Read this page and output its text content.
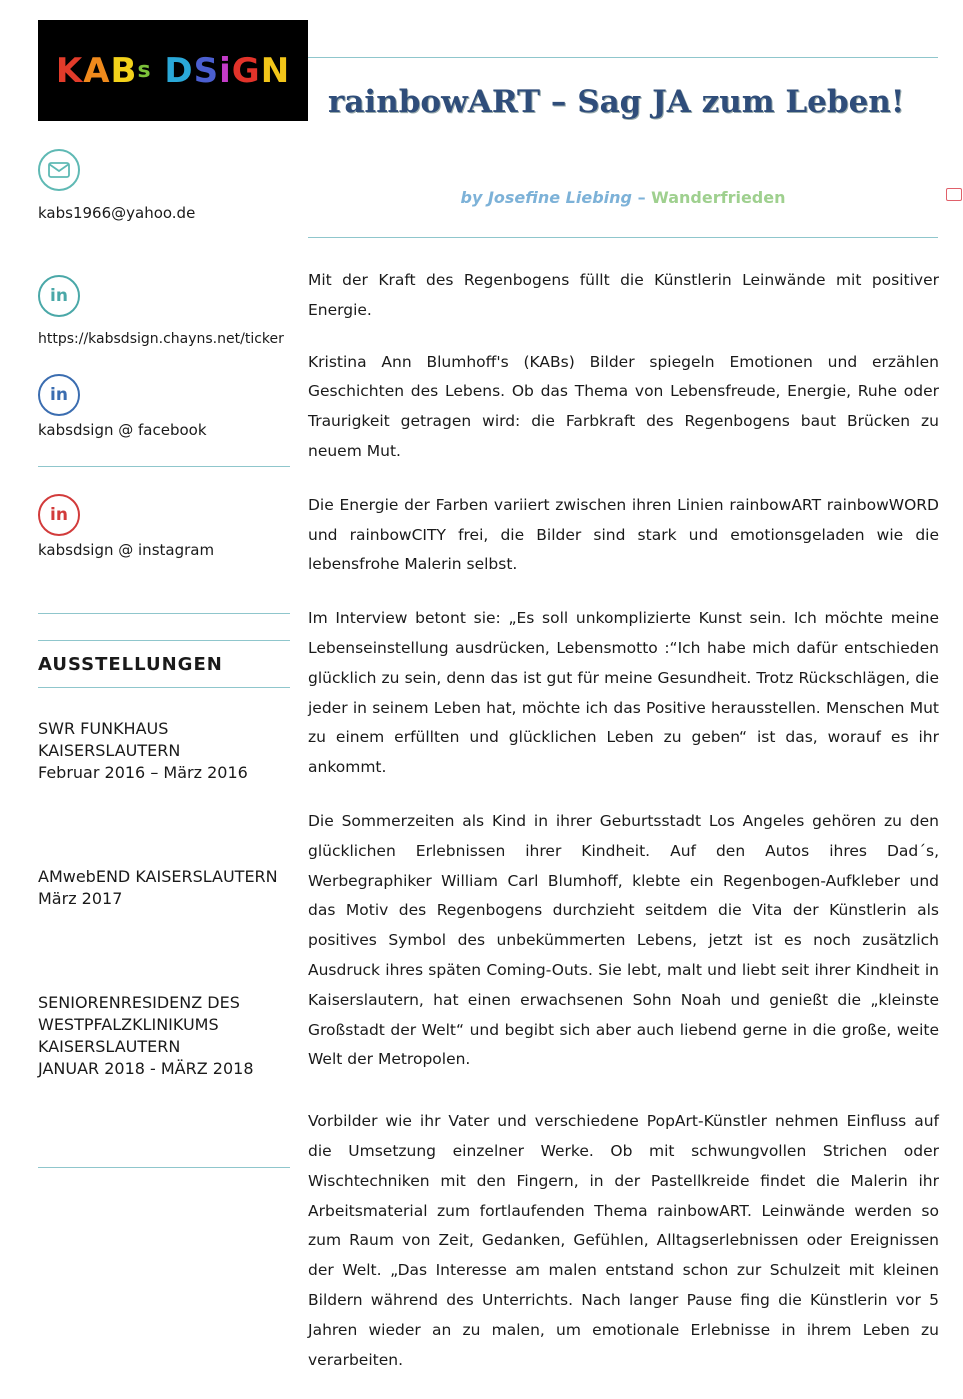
K A B s
D S i G N
rainbowART – Sag JA zum Leben!
by Josefine Liebing – Wanderfrieden
kabs1966@yahoo.de
in
https://kabsdsign.chayns.net/ticker
in
kabsdsign @ facebook
in
kabsdsign @ instagram
AUSSTELLUNGEN
SWR FUNKHAUS
KAISERSLAUTERN
Februar 2016 – März 2016
AMwebEND KAISERSLAUTERN
März 2017
SENIORENRESIDENZ DES
WESTPFALZKLINIKUMS
KAISERSLAUTERN
JANUAR 2018 - MÄRZ 2018

Mit der Kraft des Regenbogens füllt die Künstlerin Leinwände mit positiver Energie.

Kristina Ann Blumhoff's (KABs) Bilder spiegeln Emotionen und erzählen Geschichten des Lebens. Ob das Thema von Lebensfreude, Energie, Ruhe oder Traurigkeit getragen wird: die Farbkraft des Regenbogens baut Brücken zu neuem Mut.

Die Energie der Farben variiert zwischen ihren Linien rainbowART rainbowWORD und rainbowCITY frei, die Bilder sind stark und emotionsgeladen wie die lebensfrohe Malerin selbst.

Im Interview betont sie: „Es soll unkomplizierte Kunst sein. Ich möchte meine Lebenseinstellung ausdrücken, Lebensmotto :“Ich habe mich dafür entschieden glücklich zu sein, denn das ist gut für meine Gesundheit. Trotz Rückschlägen, die jeder in seinem Leben hat, möchte ich das Positive herausstellen. Menschen Mut zu einem erfüllten und glücklichen Leben zu geben“ ist das, worauf es ihr ankommt.

Die Sommerzeiten als Kind in ihrer Geburtsstadt Los Angeles gehören zu den glücklichen Erlebnissen ihrer Kindheit. Auf den Autos ihres Dad´s, Werbegraphiker William Carl Blumhoff, klebte ein Regenbogen-Aufkleber und das Motiv des Regenbogens durchzieht seitdem die Vita der Künstlerin als positives Symbol des unbekümmerten Lebens, jetzt ist es noch zusätzlich Ausdruck ihres späten Coming-Outs. Sie lebt, malt und liebt seit ihrer Kindheit in Kaiserslautern, hat einen erwachsenen Sohn Noah und genießt die „kleinste Großstadt der Welt“ und begibt sich aber auch liebend gerne in die große, weite Welt der Metropolen.

Vorbilder wie ihr Vater und verschiedene PopArt-Künstler nehmen Einfluss auf die Umsetzung einzelner Werke. Ob mit schwungvollen Strichen oder Wischtechniken mit den Fingern, in der Pastellkreide findet die Malerin ihr Arbeitsmaterial zum fortlaufenden Thema rainbowART. Leinwände werden so zum Raum von Zeit, Gedanken, Gefühlen, Alltagserlebnissen oder Ereignissen der Welt. „Das Interesse am malen entstand schon zur Schulzeit mit kleinen Bildern während des Unterrichts. Nach langer Pause fing die Künstlerin vor 5 Jahren wieder an zu malen, um emotionale Erlebnisse in ihrem Leben zu verarbeiten.
